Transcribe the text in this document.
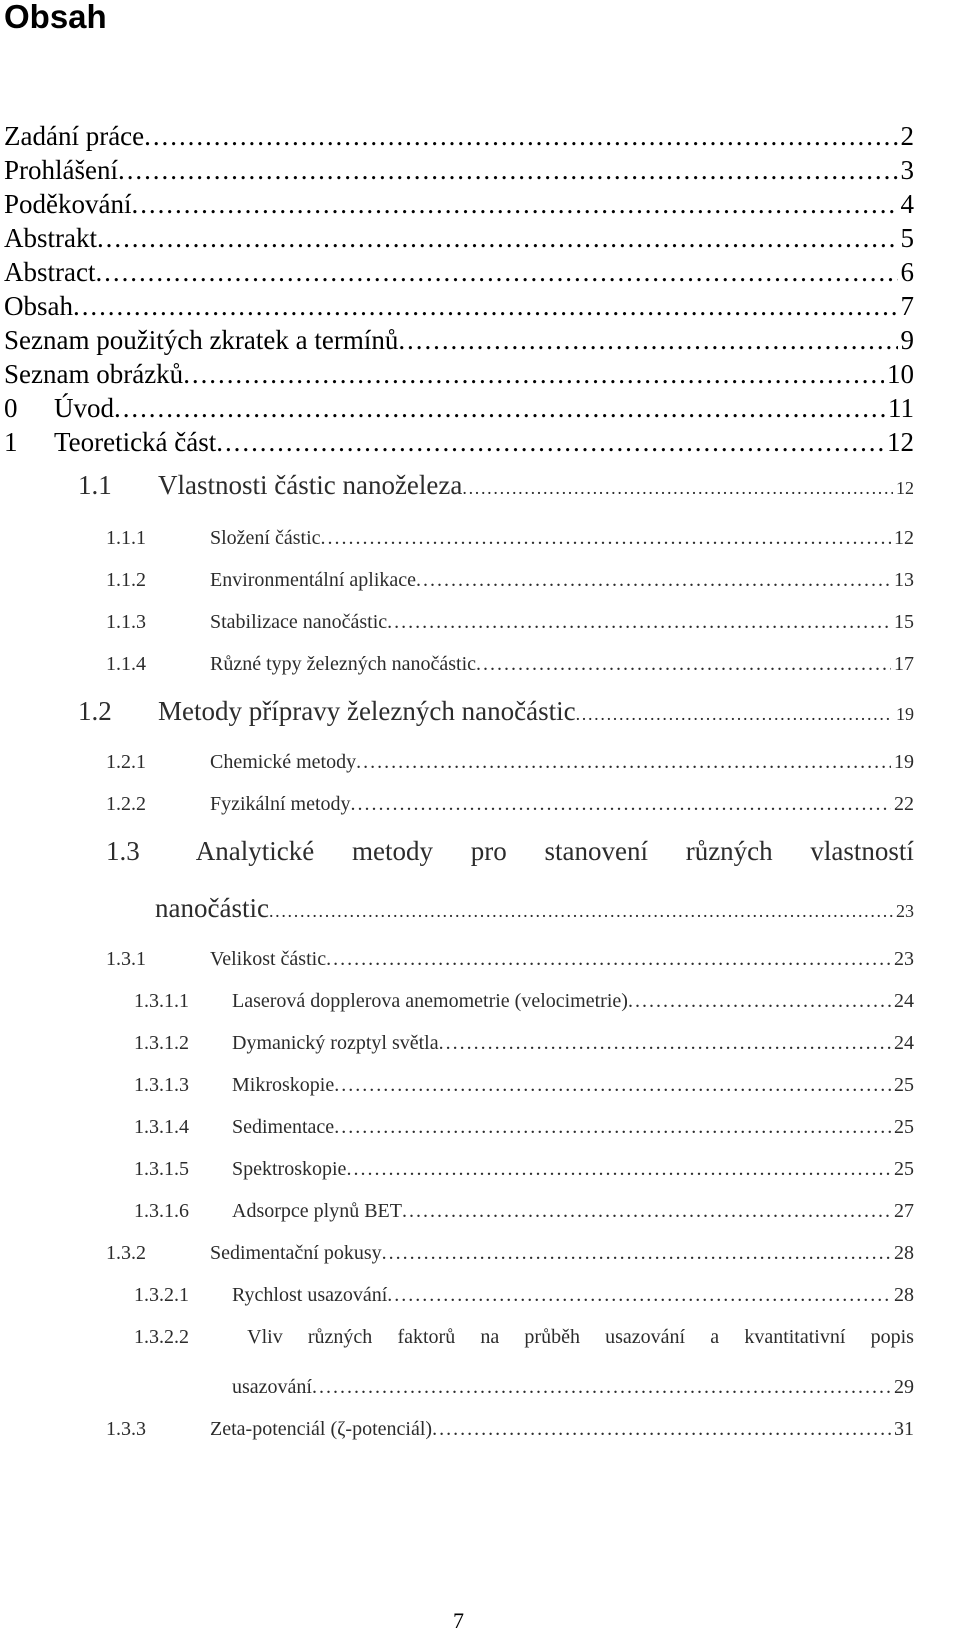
Obsah
Zadání práce . . .	2
Prohlášení . . .	3
Poděkování . . .	4
Abstrakt . . .	5
Abstract . . .	6
Obsah . . .	7
Seznam použitých zkratek a termínů . . .	9
Seznam obrázků . . .	10
0	Úvod . . .	11
1	Teoretická část . . .	12
1.1	Vlastnosti částic nanoželeza . . .	12
1.1.1	Složení částic . . .	12
1.1.2	Environmentální aplikace . . .	13
1.1.3	Stabilizace nanočástic . . .	15
1.1.4	Různé typy železných nanočástic . . .	17
1.2	Metody přípravy železných nanočástic . . .	19
1.2.1	Chemické metody . . .	19
1.2.2	Fyzikální metody . . .	22
1.3	Analytické metody pro stanovení různých vlastností
nanočástic . . .	23
1.3.1	Velikost částic . . .	23
1.3.1.1	Laserová dopplerova anemometrie (velocimetrie) . . .	24
1.3.1.2	Dymanický rozptyl světla . . .	24
1.3.1.3	Mikroskopie . . .	25
1.3.1.4	Sedimentace . . .	25
1.3.1.5	Spektroskopie . . .	25
1.3.1.6	Adsorpce plynů BET . . .	27
1.3.2	Sedimentační pokusy . . .	28
1.3.2.1	Rychlost usazování . . .	28
1.3.2.2	Vliv různých faktorů na průběh usazování a kvantitativní popis
usazování . . .	29
1.3.3	Zeta-potenciál (ζ-potenciál) . . .	31
7
